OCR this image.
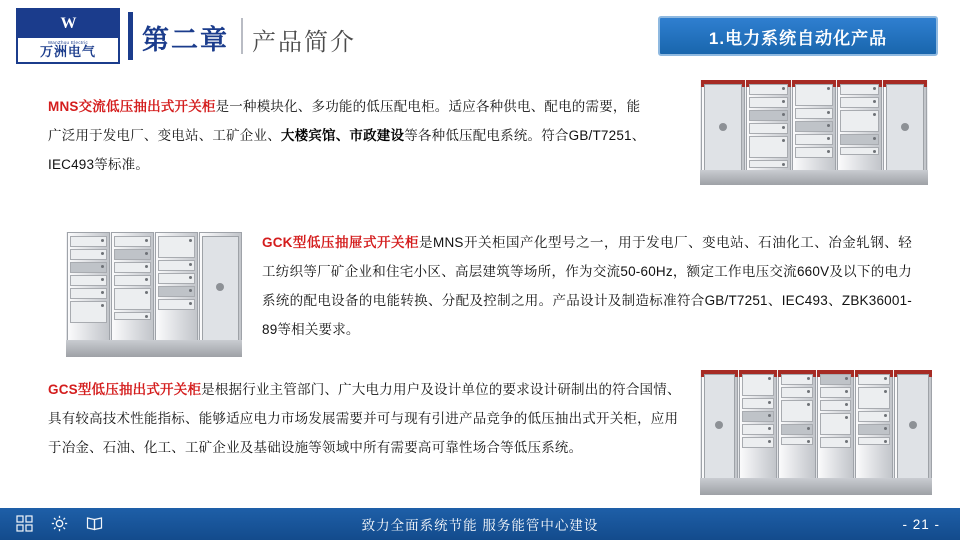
W
WanZhou Electric
万洲电气 第二章 产品简介	1.电力系统自动化产品
MNS交流低压抽出式开关柜是一种模块化、多功能的低压配电柜。适应各种供电、配电的需要，能广泛用于发电厂、变电站、工矿企业、大楼宾馆、市政建设等各种低压配电系统。符合GB/T7251、IEC493等标准。
GCK型低压抽屉式开关柜是MNS开关柜国产化型号之一，用于发电厂、变电站、石油化工、冶金轧钢、轻工纺织等厂矿企业和住宅小区、高层建筑等场所，作为交流50-60Hz，额定工作电压交流660V及以下的电力系统的配电设备的电能转换、分配及控制之用。产品设计及制造标准符合GB/T7251、IEC493、ZBK36001-89等相关要求。
GCS型低压抽出式开关柜是根据行业主管部门、广大电力用户及设计单位的要求设计研制出的符合国情、具有较高技术性能指标、能够适应电力市场发展需要并可与现有引进产品竞争的低压抽出式开关柜，应用于冶金、石油、化工、工矿企业及基础设施等领域中所有需要高可靠性场合等低压系统。
致力全面系统节能 服务能管中心建设	- 21 -
